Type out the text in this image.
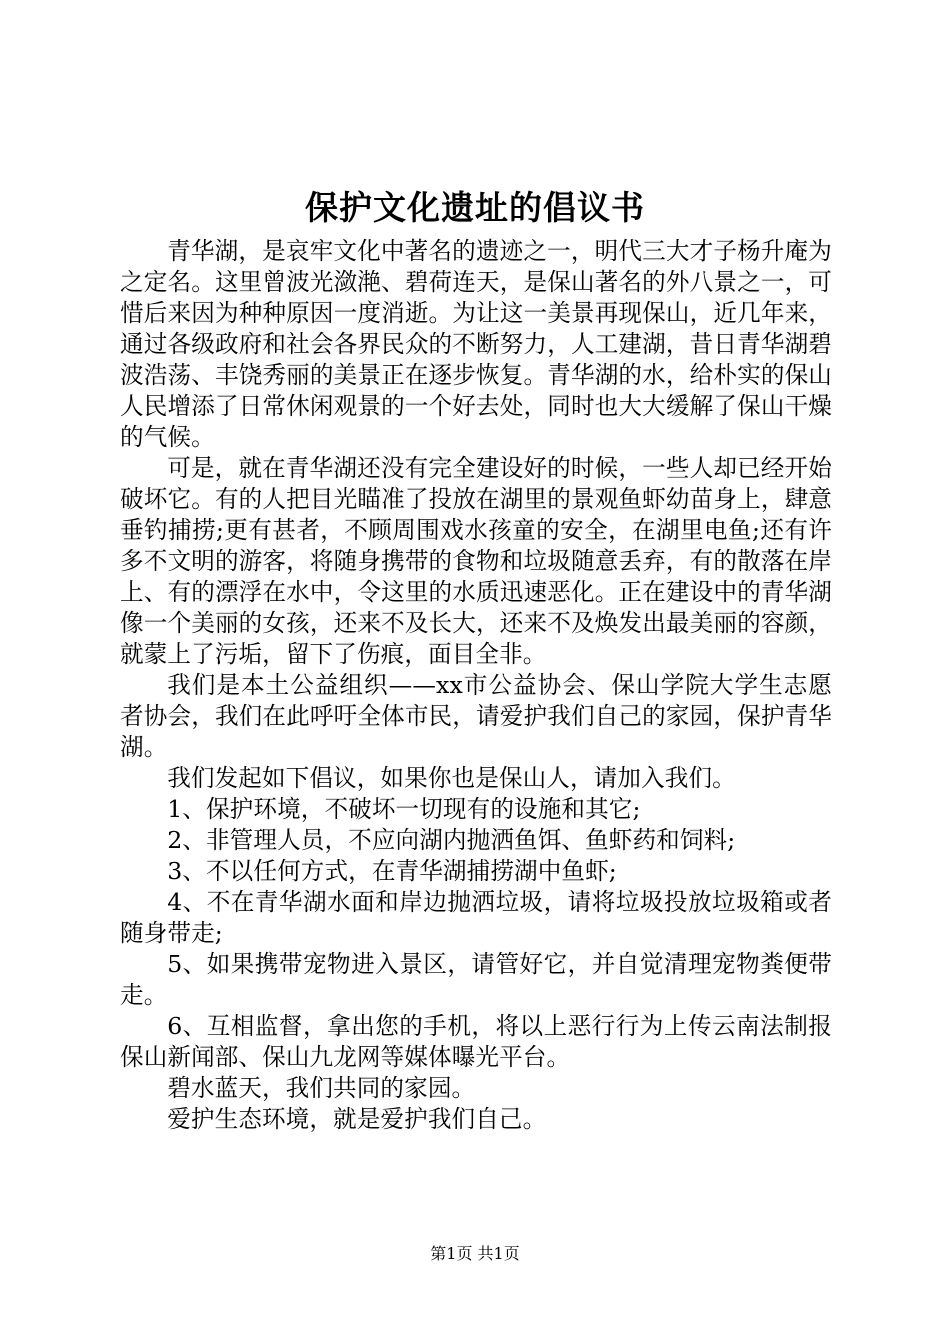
保护文化遗址的倡议书

青华湖，是哀牢文化中著名的遗迹之一，明代三大才子杨升庵为之定名。这里曾波光潋滟、碧荷连天，是保山著名的外八景之一，可惜后来因为种种原因一度消逝。为让这一美景再现保山，近几年来，通过各级政府和社会各界民众的不断努力，人工建湖，昔日青华湖碧波浩荡、丰饶秀丽的美景正在逐步恢复。青华湖的水，给朴实的保山人民增添了日常休闲观景的一个好去处，同时也大大缓解了保山干燥的气候。

可是，就在青华湖还没有完全建设好的时候，一些人却已经开始破坏它。有的人把目光瞄准了投放在湖里的景观鱼虾幼苗身上，肆意垂钓捕捞;更有甚者，不顾周围戏水孩童的安全，在湖里电鱼;还有许多不文明的游客，将随身携带的食物和垃圾随意丢弃，有的散落在岸上、有的漂浮在水中，令这里的水质迅速恶化。正在建设中的青华湖像一个美丽的女孩，还来不及长大，还来不及焕发出最美丽的容颜，就蒙上了污垢，留下了伤痕，面目全非。

我们是本土公益组织——xx市公益协会、保山学院大学生志愿者协会，我们在此呼吁全体市民，请爱护我们自己的家园，保护青华湖。

我们发起如下倡议，如果你也是保山人，请加入我们。

1、保护环境，不破坏一切现有的设施和其它;

2、非管理人员，不应向湖内抛洒鱼饵、鱼虾药和饲料;

3、不以任何方式，在青华湖捕捞湖中鱼虾;

4、不在青华湖水面和岸边抛洒垃圾，请将垃圾投放垃圾箱或者随身带走;

5、如果携带宠物进入景区，请管好它，并自觉清理宠物粪便带走。

6、互相监督，拿出您的手机，将以上恶行行为上传云南法制报保山新闻部、保山九龙网等媒体曝光平台。

碧水蓝天，我们共同的家园。

爱护生态环境，就是爱护我们自己。

第1页 共1页
